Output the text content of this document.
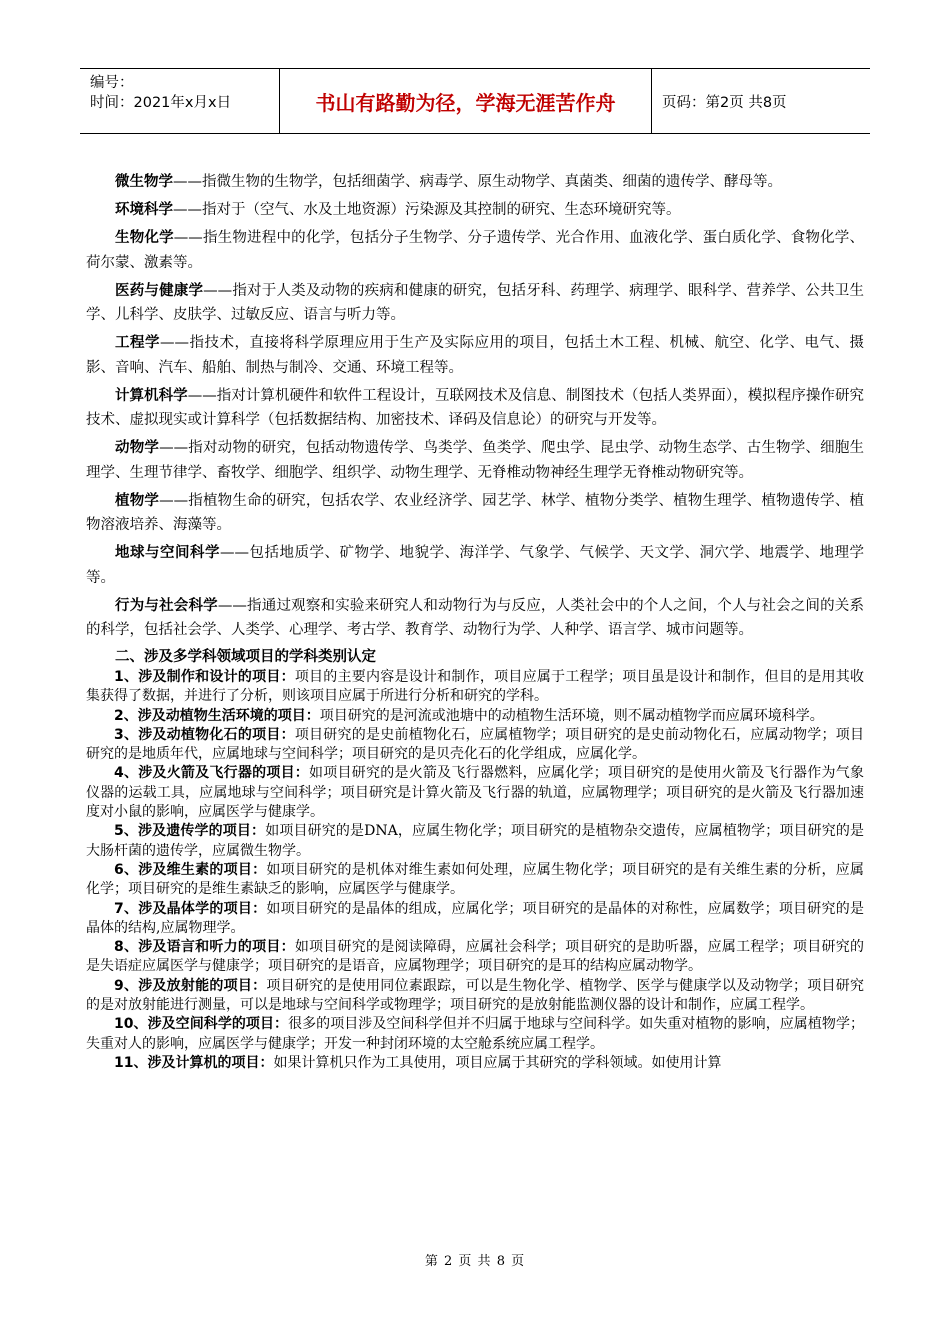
编号：
时间：2021年x月x日	书山有路勤为径，学海无涯苦作舟	页码：第2页 共8页

微生物学——指微生物的生物学，包括细菌学、病毒学、原生动物学、真菌类、细菌的遗传学、酵母等。

环境科学——指对于（空气、水及土地资源）污染源及其控制的研究、生态环境研究等。

生物化学——指生物进程中的化学，包括分子生物学、分子遗传学、光合作用、血液化学、蛋白质化学、食物化学、荷尔蒙、激素等。

医药与健康学——指对于人类及动物的疾病和健康的研究，包括牙科、药理学、病理学、眼科学、营养学、公共卫生学、儿科学、皮肤学、过敏反应、语言与听力等。

工程学——指技术，直接将科学原理应用于生产及实际应用的项目，包括土木工程、机械、航空、化学、电气、摄影、音响、汽车、船舶、制热与制冷、交通、环境工程等。

计算机科学——指对计算机硬件和软件工程设计，互联网技术及信息、制图技术（包括人类界面），模拟程序操作研究技术、虚拟现实或计算科学（包括数据结构、加密技术、译码及信息论）的研究与开发等。

动物学——指对动物的研究，包括动物遗传学、鸟类学、鱼类学、爬虫学、昆虫学、动物生态学、古生物学、细胞生理学、生理节律学、畜牧学、细胞学、组织学、动物生理学、无脊椎动物神经生理学无脊椎动物研究等。

植物学——指植物生命的研究，包括农学、农业经济学、园艺学、林学、植物分类学、植物生理学、植物遗传学、植物溶液培养、海藻等。

地球与空间科学——包括地质学、矿物学、地貌学、海洋学、气象学、气候学、天文学、洞穴学、地震学、地理学等。

行为与社会科学——指通过观察和实验来研究人和动物行为与反应，人类社会中的个人之间，个人与社会之间的关系的科学，包括社会学、人类学、心理学、考古学、教育学、动物行为学、人种学、语言学、城市问题等。

二、涉及多学科领域项目的学科类别认定

1、涉及制作和设计的项目：项目的主要内容是设计和制作，项目应属于工程学；项目虽是设计和制作，但目的是用其收集获得了数据，并进行了分析，则该项目应属于所进行分析和研究的学科。

2、涉及动植物生活环境的项目：项目研究的是河流或池塘中的动植物生活环境，则不属动植物学而应属环境科学。

3、涉及动植物化石的项目：项目研究的是史前植物化石，应属植物学；项目研究的是史前动物化石，应属动物学；项目研究的是地质年代，应属地球与空间科学；项目研究的是贝壳化石的化学组成，应属化学。

4、涉及火箭及飞行器的项目：如项目研究的是火箭及飞行器燃料，应属化学；项目研究的是使用火箭及飞行器作为气象仪器的运载工具，应属地球与空间科学；项目研究是计算火箭及飞行器的轨道，应属物理学；项目研究的是火箭及飞行器加速度对小鼠的影响，应属医学与健康学。

5、涉及遗传学的项目：如项目研究的是DNA，应属生物化学；项目研究的是植物杂交遗传，应属植物学；项目研究的是大肠杆菌的遗传学，应属微生物学。

6、涉及维生素的项目：如项目研究的是机体对维生素如何处理，应属生物化学；项目研究的是有关维生素的分析，应属化学；项目研究的是维生素缺乏的影响，应属医学与健康学。

7、涉及晶体学的项目：如项目研究的是晶体的组成，应属化学；项目研究的是晶体的对称性，应属数学；项目研究的是晶体的结构,应属物理学。

8、涉及语言和听力的项目：如项目研究的是阅读障碍，应属社会科学；项目研究的是助听器，应属工程学；项目研究的是失语症应属医学与健康学；项目研究的是语音，应属物理学；项目研究的是耳的结构应属动物学。

9、涉及放射能的项目：项目研究的是使用同位素跟踪，可以是生物化学、植物学、医学与健康学以及动物学；项目研究的是对放射能进行测量，可以是地球与空间科学或物理学；项目研究的是放射能监测仪器的设计和制作，应属工程学。

10、涉及空间科学的项目：很多的项目涉及空间科学但并不归属于地球与空间科学。如失重对植物的影响，应属植物学；失重对人的影响，应属医学与健康学；开发一种封闭环境的太空舱系统应属工程学。

11、涉及计算机的项目：如果计算机只作为工具使用，项目应属于其研究的学科领域。如使用计算

第 2 页 共 8 页
